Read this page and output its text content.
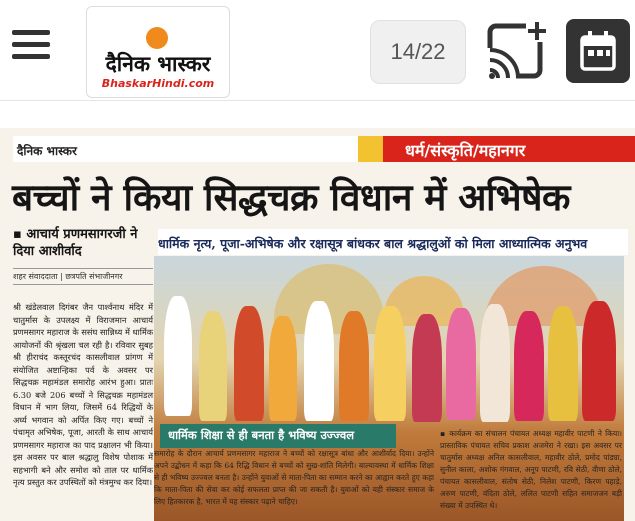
दैनिक भास्कर
BhaskarHindi.com
14/22
दैनिक भास्कर	धर्म/संस्कृति/महानगर
बच्चों ने किया सिद्धचक्र विधान में अभिषेक
▪ आचार्य प्रणमसागरजी ने दिया आशीर्वाद
शहर संवाददाता | छत्रपति संभाजीनगर
श्री खंडेलवाल दिगंबर जैन पार्श्वनाथ मंदिर में चातुर्मास के उपलक्ष्य में विराजमान आचार्य प्रणमसागर महाराज के ससंघ सान्निध्य में धार्मिक आयोजनों की श्रृंखला चल रही है। रविवार सुबह श्री हीराचंद कस्तूरचंद कासलीवाल प्रांगण में संयोजित अष्टान्हिका पर्व के अवसर पर सिद्धचक्र महामंडल समारोह आरंभ हुआ। प्रातः 6.30 बजे 206 बच्चों ने सिद्धचक्र महामंडल विधान में भाग लिया, जिसमें 64 रिद्धियों के अर्घ्य भगवान को अर्पित किए गए। बच्चों ने पंचामृत अभिषेक, पूजा, आरती के साथ आचार्य प्रणमसागर महाराज का पाद प्रक्षालन भी किया। इस अवसर पर बाल श्रद्धालु विशेष पोशाक में सहभागी बने और समोश को ताल पर धार्मिक नृत्य प्रस्तुत कर उपस्थितों को मंत्रमुग्ध कर दिया।
धार्मिक नृत्य, पूजा-अभिषेक और रक्षासूत्र बांधकर बाल श्रद्धालुओं को मिला आध्यात्मिक अनुभव
धार्मिक शिक्षा से ही बनता है भविष्य उज्ज्वल
समारोह के दौरान आचार्य प्रणमसागर महाराज ने बच्चों को रक्षासूत्र बांधा और आशीर्वाद दिया। उन्होंने अपने उद्बोधन में कहा कि 64 रिद्धि विधान से बच्चों को सुख-शांति मिलेगी। बाल्यावस्था में धार्मिक शिक्षा से ही भविष्य उज्ज्वल बनता है। उन्होंने युवाओं से माता-पिता का सम्मान करने का आह्वान करते हुए कहा कि माता-पिता की सेवा कर कोई सफलता प्राप्त की जा सकती है। युवाओं को यही संस्कार समाज के लिए हितकारक है, भारत में यह संस्कार पढ़ाने चाहिए।
▪ कार्यक्रम का संचालन पंचायत अध्यक्ष महावीर पाटणी ने किया। प्रास्ताविक पंचायत सचिव प्रकाश अजमेरा ने रखा। इस अवसर पर चातुर्मास अध्यक्ष अनिल कासलीवाल, महावीर ठोले, प्रमोद पांड्या, सुनील काला, अशोक गंगवाल, अनूप पाटणी, रवि सेठी, वीणा ठोले, पंचायत कासलीवाल, संतोष सेठी, निलेश पाटणी, किरण पहाड़े, अरुण पाटणी, वंदिता ठोले, ललित पाटणी सहित समाजजन बड़ी संख्या में उपस्थित थे।
